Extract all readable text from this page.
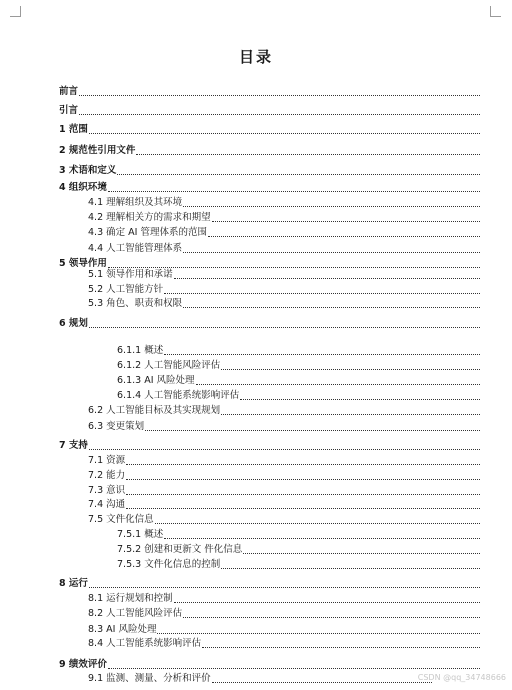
目录
前言
引言
1 范围
2 规范性引用文件
3 术语和定义
4 组织环境
4.1 理解组织及其环境
4.2 理解相关方的需求和期望
4.3 确定 AI 管理体系的范围
4.4 人工智能管理体系
5 领导作用
5.1 领导作用和承诺
5.2 人工智能方针
5.3 角色、职责和权限
6 规划
6.1.1 概述
6.1.2 人工智能风险评估
6.1.3 AI 风险处理
6.1.4 人工智能系统影响评估
6.2 人工智能目标及其实现规划
6.3 变更策划
7 支持
7.1 资源
7.2 能力
7.3 意识
7.4 沟通
7.5 文件化信息
7.5.1 概述
7.5.2 创建和更新文 件化信息
7.5.3 文件化信息的控制
8 运行
8.1 运行规划和控制
8.2 人工智能风险评估
8.3 AI 风险处理
8.4 人工智能系统影响评估
9 绩效评价
9.1 监测、测量、分析和评价	CSDN @qq_34748666
